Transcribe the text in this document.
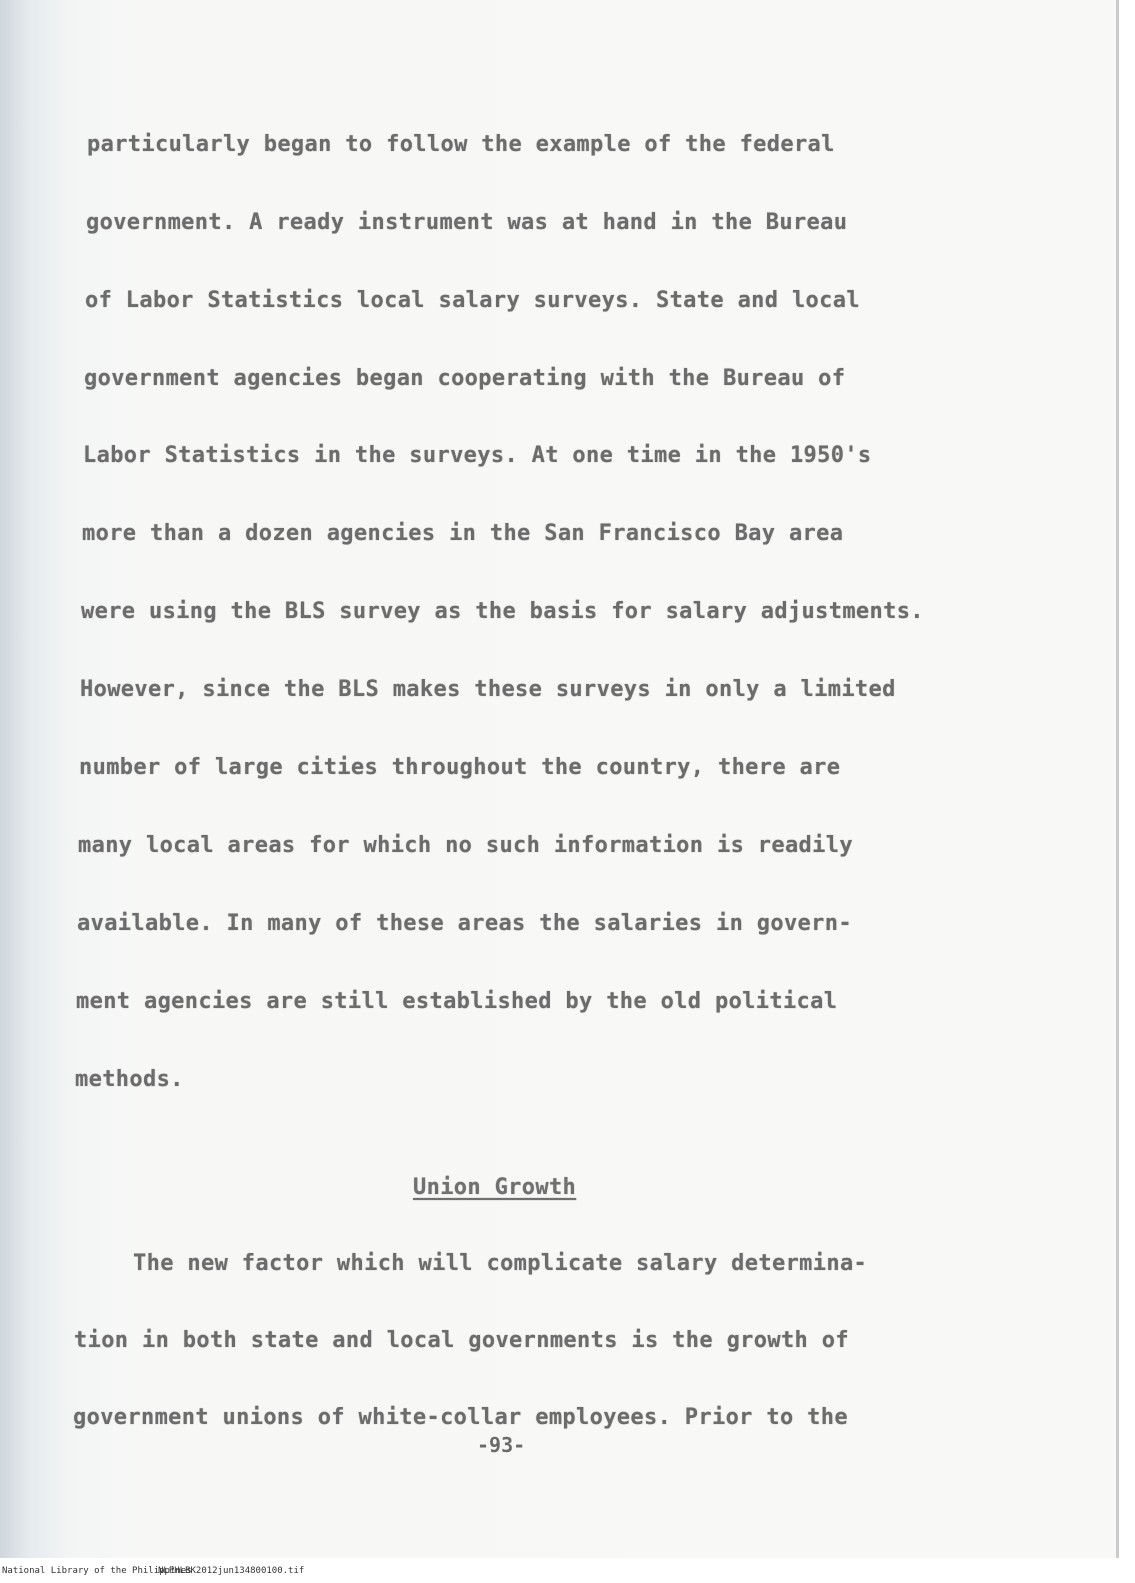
particularly began to follow the example of the federal

government. A ready instrument was at hand in the Bureau

of Labor Statistics local salary surveys. State and local

government agencies began cooperating with the Bureau of

Labor Statistics in the surveys. At one time in the 1950's

more than a dozen agencies in the San Francisco Bay area

were using the BLS survey as the basis for salary adjustments.

However, since the BLS makes these surveys in only a limited

number of large cities throughout the country, there are

many local areas for which no such information is readily

available. In many of these areas the salaries in govern-

ment agencies are still established by the old political

methods.

Union Growth

The new factor which will complicate salary determina-

tion in both state and local governments is the growth of

government unions of white-collar employees. Prior to the

-93-

National Library of the Philippines
NLPHLBK2012jun134800100.tif
